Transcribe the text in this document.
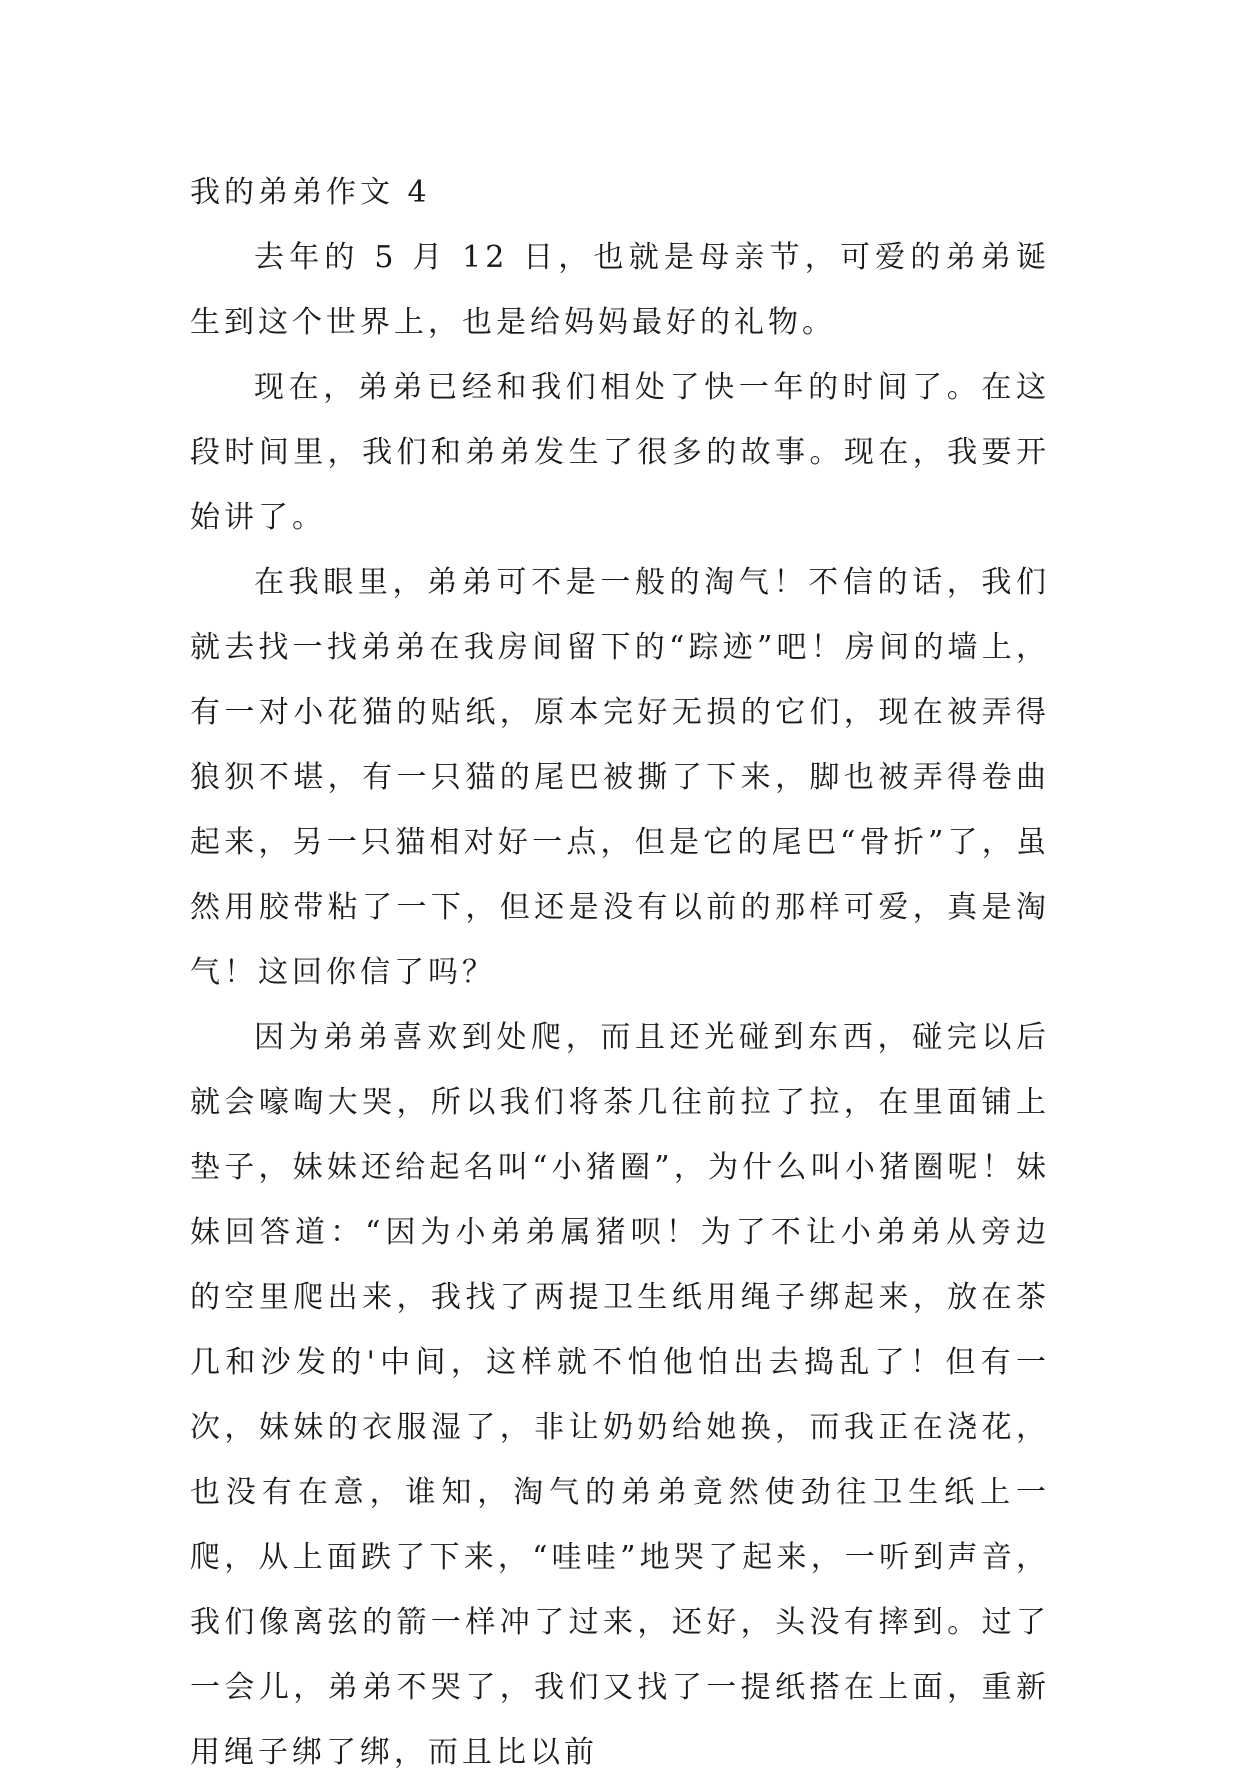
我的弟弟作文 4

去年的 5 月 12 日，也就是母亲节，可爱的弟弟诞生到这个世界上，也是给妈妈最好的礼物。

现在，弟弟已经和我们相处了快一年的时间了。在这段时间里，我们和弟弟发生了很多的故事。现在，我要开始讲了。

在我眼里，弟弟可不是一般的淘气！不信的话，我们就去找一找弟弟在我房间留下的“踪迹”吧！房间的墙上，有一对小花猫的贴纸，原本完好无损的它们，现在被弄得狼狈不堪，有一只猫的尾巴被撕了下来，脚也被弄得卷曲起来，另一只猫相对好一点，但是它的尾巴“骨折”了，虽然用胶带粘了一下，但还是没有以前的那样可爱，真是淘气！这回你信了吗？

因为弟弟喜欢到处爬，而且还光碰到东西，碰完以后就会嚎啕大哭，所以我们将茶几往前拉了拉，在里面铺上垫子，妹妹还给起名叫“小猪圈”，为什么叫小猪圈呢！妹妹回答道：“因为小弟弟属猪呗！为了不让小弟弟从旁边的空里爬出来，我找了两提卫生纸用绳子绑起来，放在茶几和沙发的'中间，这样就不怕他怕出去捣乱了！但有一次，妹妹的衣服湿了，非让奶奶给她换，而我正在浇花，也没有在意，谁知，淘气的弟弟竟然使劲往卫生纸上一爬，从上面跌了下来，“哇哇”地哭了起来，一听到声音，我们像离弦的箭一样冲了过来，还好，头没有摔到。过了一会儿，弟弟不哭了，我们又找了一提纸搭在上面，重新用绳子绑了绑，而且比以前
